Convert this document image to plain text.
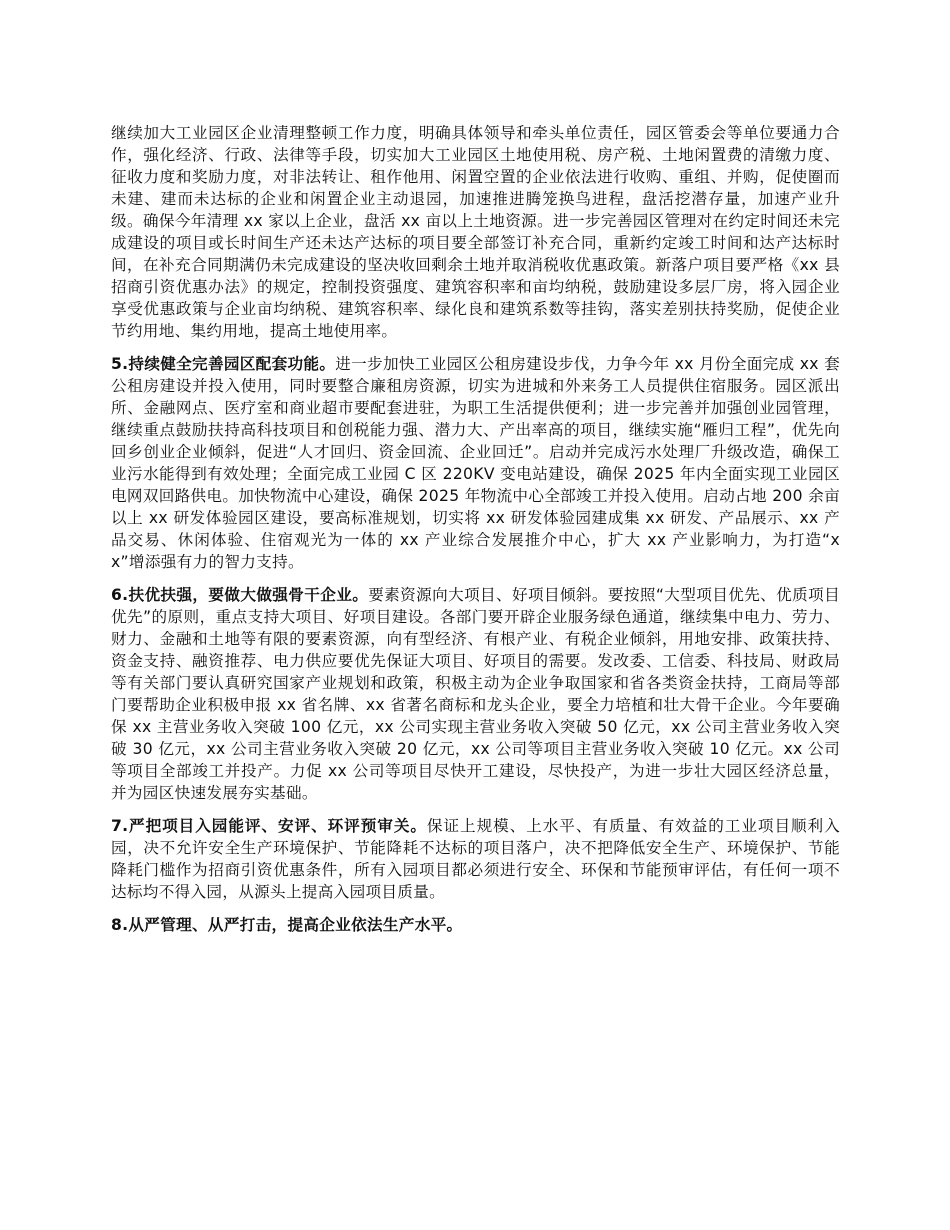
继续加大工业园区企业清理整顿工作力度，明确具体领导和牵头单位责任，园区管委会等单位要通力合作，强化经济、行政、法律等手段，切实加大工业园区土地使用税、房产税、土地闲置费的清缴力度、征收力度和奖励力度，对非法转让、租作他用、闲置空置的企业依法进行收购、重组、并购，促使圈而未建、建而未达标的企业和闲置企业主动退园，加速推进腾笼换鸟进程，盘活挖潜存量，加速产业升级。确保今年清理 xx 家以上企业，盘活 xx 亩以上土地资源。进一步完善园区管理对在约定时间还未完成建设的项目或长时间生产还未达产达标的项目要全部签订补充合同，重新约定竣工时间和达产达标时间，在补充合同期满仍未完成建设的坚决收回剩余土地并取消税收优惠政策。新落户项目要严格《xx 县招商引资优惠办法》的规定，控制投资强度、建筑容积率和亩均纳税，鼓励建设多层厂房，将入园企业享受优惠政策与企业亩均纳税、建筑容积率、绿化良和建筑系数等挂钩，落实差别扶持奖励，促使企业节约用地、集约用地，提高土地使用率。

5.持续健全完善园区配套功能。进一步加快工业园区公租房建设步伐，力争今年 xx 月份全面完成 xx 套公租房建设并投入使用，同时要整合廉租房资源，切实为进城和外来务工人员提供住宿服务。园区派出所、金融网点、医疗室和商业超市要配套进驻，为职工生活提供便利；进一步完善并加强创业园管理，继续重点鼓励扶持高科技项目和创税能力强、潜力大、产出率高的项目，继续实施“雁归工程”，优先向回乡创业企业倾斜，促进“人才回归、资金回流、企业回迁”。启动并完成污水处理厂升级改造，确保工业污水能得到有效处理；全面完成工业园 C 区 220KV 变电站建设，确保 2025 年内全面实现工业园区电网双回路供电。加快物流中心建设，确保 2025 年物流中心全部竣工并投入使用。启动占地 200 余亩以上 xx 研发体验园区建设，要高标准规划，切实将 xx 研发体验园建成集 xx 研发、产品展示、xx 产品交易、休闲体验、住宿观光为一体的 xx 产业综合发展推介中心，扩大 xx 产业影响力，为打造“xx”增添强有力的智力支持。

6.扶优扶强，要做大做强骨干企业。要素资源向大项目、好项目倾斜。要按照“大型项目优先、优质项目优先”的原则，重点支持大项目、好项目建设。各部门要开辟企业服务绿色通道，继续集中电力、劳力、财力、金融和土地等有限的要素资源，向有型经济、有根产业、有税企业倾斜，用地安排、政策扶持、资金支持、融资推荐、电力供应要优先保证大项目、好项目的需要。发改委、工信委、科技局、财政局等有关部门要认真研究国家产业规划和政策，积极主动为企业争取国家和省各类资金扶持，工商局等部门要帮助企业积极申报 xx 省名牌、xx 省著名商标和龙头企业，要全力培植和壮大骨干企业。今年要确保 xx 主营业务收入突破 100 亿元，xx 公司实现主营业务收入突破 50 亿元，xx 公司主营业务收入突破 30 亿元，xx 公司主营业务收入突破 20 亿元，xx 公司等项目主营业务收入突破 10 亿元。xx 公司等项目全部竣工并投产。力促 xx 公司等项目尽快开工建设，尽快投产，为进一步壮大园区经济总量，并为园区快速发展夯实基础。

7.严把项目入园能评、安评、环评预审关。保证上规模、上水平、有质量、有效益的工业项目顺利入园，决不允许安全生产环境保护、节能降耗不达标的项目落户，决不把降低安全生产、环境保护、节能降耗门槛作为招商引资优惠条件，所有入园项目都必须进行安全、环保和节能预审评估，有任何一项不达标均不得入园，从源头上提高入园项目质量。

8.从严管理、从严打击，提高企业依法生产水平。
